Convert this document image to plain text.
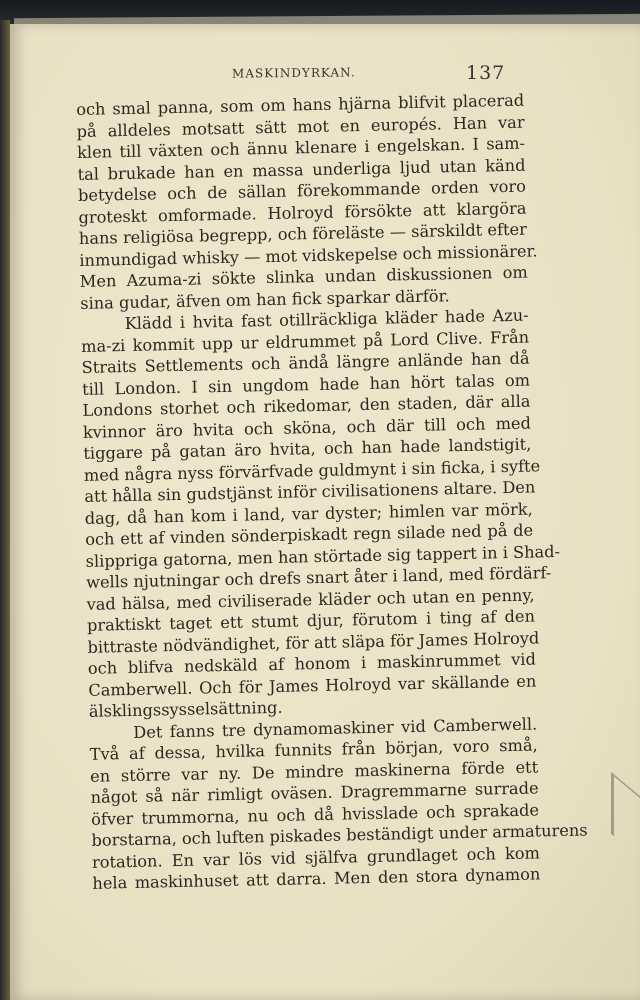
MASKINDYRKAN.	137
och smal panna, som om hans hjärna blifvit placerad
på alldeles motsatt sätt mot en europés. Han var
klen till växten och ännu klenare i engelskan. I sam-
tal brukade han en massa underliga ljud utan känd
betydelse och de sällan förekommande orden voro
groteskt omformade. Holroyd försökte att klargöra
hans religiösa begrepp, och föreläste — särskildt efter
inmundigad whisky — mot vidskepelse och missionärer.
Men Azuma-zi sökte slinka undan diskussionen om
sina gudar, äfven om han fick sparkar därför.
Klädd i hvita fast otillräckliga kläder hade Azu-
ma-zi kommit upp ur eldrummet på Lord Clive. Från
Straits Settlements och ändå längre anlände han då
till London. I sin ungdom hade han hört talas om
Londons storhet och rikedomar, den staden, där alla
kvinnor äro hvita och sköna, och där till och med
tiggare på gatan äro hvita, och han hade landstigit,
med några nyss förvärfvade guldmynt i sin ficka, i syfte
att hålla sin gudstjänst inför civilisationens altare. Den
dag, då han kom i land, var dyster; himlen var mörk,
och ett af vinden sönderpiskadt regn silade ned på de
slippriga gatorna, men han störtade sig tappert in i Shad-
wells njutningar och drefs snart åter i land, med fördärf-
vad hälsa, med civiliserade kläder och utan en penny,
praktiskt taget ett stumt djur, förutom i ting af den
bittraste nödvändighet, för att släpa för James Holroyd
och blifva nedskäld af honom i maskinrummet vid
Camberwell. Och för James Holroyd var skällande en
älsklingssysselsättning.
Det fanns tre dynamomaskiner vid Camberwell.
Två af dessa, hvilka funnits från början, voro små,
en större var ny. De mindre maskinerna förde ett
något så när rimligt oväsen. Dragremmarne surrade
öfver trummorna, nu och då hvisslade och sprakade
borstarna, och luften piskades beständigt under armaturens
rotation. En var lös vid själfva grundlaget och kom
hela maskinhuset att darra. Men den stora dynamon
